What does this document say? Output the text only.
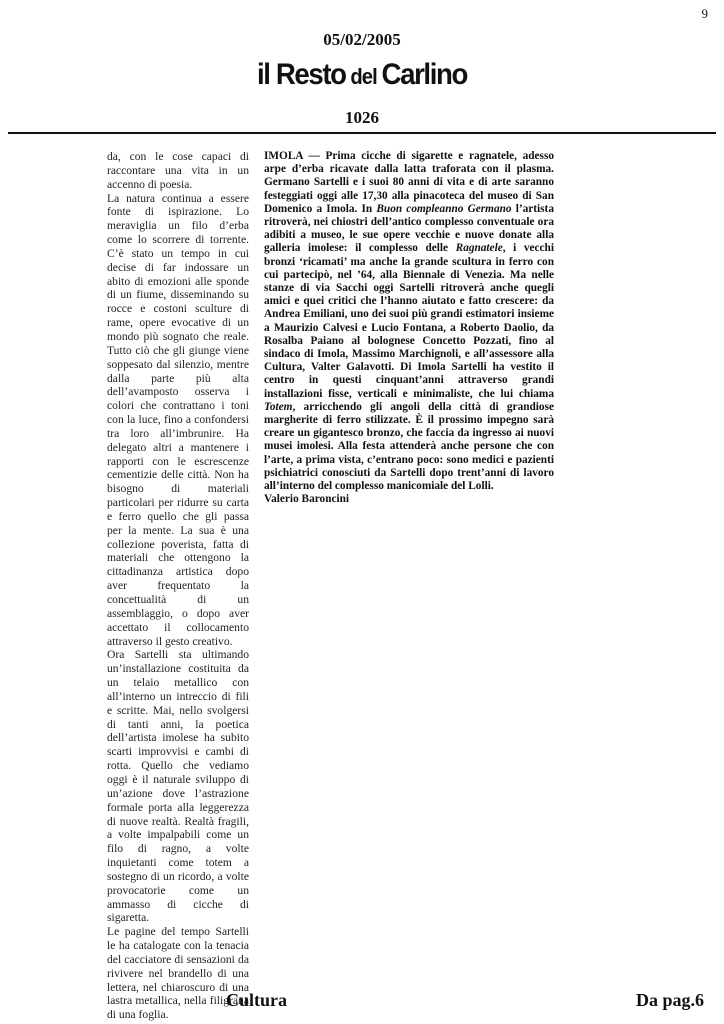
9
05/02/2005
il Resto del Carlino
1026

da, con le cose capaci di raccontare una vita in un accenno di poesia.

La natura continua a essere fonte di ispirazione. Lo meraviglia un filo d’erba come lo scorrere di torrente. C’è stato un tempo in cui decise di far indossare un abito di emozioni alle sponde di un fiume, disseminando su rocce e costoni sculture di rame, opere evocative di un mondo più sognato che reale. Tutto ciò che gli giunge viene soppesato dal silenzio, mentre dalla parte più alta dell’avamposto osserva i colori che contrattano i toni con la luce, fino a confondersi tra loro all’imbrunire. Ha delegato altri a mantenere i rapporti con le escrescenze cementizie delle città. Non ha bisogno di materiali particolari per ridurre su carta e ferro quello che gli passa per la mente. La sua è una collezione poverista, fatta di materiali che ottengono la cittadinanza artistica dopo aver frequentato la concettualità di un assemblaggio, o dopo aver accettato il collocamento attraverso il gesto creativo.

Ora Sartelli sta ultimando un’installazione costituita da un telaio metallico con all’interno un intreccio di fili e scritte. Mai, nello svolgersi di tanti anni, la poetica dell’artista imolese ha subito scarti improvvisi e cambi di rotta. Quello che vediamo oggi è il naturale sviluppo di un’azione dove l’astrazione formale porta alla leggerezza di nuove realtà. Realtà fragili, a volte impalpabili come un filo di ragno, a volte inquietanti come totem a sostegno di un ricordo, a volte provocatorie come un ammasso di cicche di sigaretta.

Le pagine del tempo Sartelli le ha catalogate con la tenacia del cacciatore di sensazioni da rivivere nel brandello di una lettera, nel chiaroscuro di una lastra metallica, nella filigrana di una foglia.

IMOLA — Prima cicche di sigarette e ragnatele, adesso arpe d’erba ricavate dalla latta traforata con il plasma. Germano Sartelli e i suoi 80 anni di vita e di arte saranno festeggiati oggi alle 17,30 alla pinacoteca del museo di San Domenico a Imola. In Buon compleanno Germano l’artista ritroverà, nei chiostri dell’antico complesso conventuale ora adibiti a museo, le sue opere vecchie e nuove donate alla galleria imolese: il complesso delle Ragnatele, i vecchi bronzi ‘ricamati’ ma anche la grande scultura in ferro con cui partecipò, nel ’64, alla Biennale di Venezia. Ma nelle stanze di via Sacchi oggi Sartelli ritroverà anche quegli amici e quei critici che l’hanno aiutato e fatto crescere: da Andrea Emiliani, uno dei suoi più grandi estimatori insieme a Maurizio Calvesi e Lucio Fontana, a Roberto Daolio, da Rosalba Paiano al bolognese Concetto Pozzati, fino al sindaco di Imola, Massimo Marchignoli, e all’assessore alla Cultura, Valter Galavotti. Di Imola Sartelli ha vestito il centro in questi cinquant’anni attraverso grandi installazioni fisse, verticali e minimaliste, che lui chiama Totem, arricchendo gli angoli della città di grandiose margherite di ferro stilizzate. È il prossimo impegno sarà creare un gigantesco bronzo, che faccia da ingresso ai nuovi musei imolesi. Alla festa attenderà anche persone che con l’arte, a prima vista, c’entrano poco: sono medici e pazienti psichiatrici conosciuti da Sartelli dopo trent’anni di lavoro all’interno del complesso manicomiale del Lolli.

Valerio Baroncini

Cultura	Da pag.6
